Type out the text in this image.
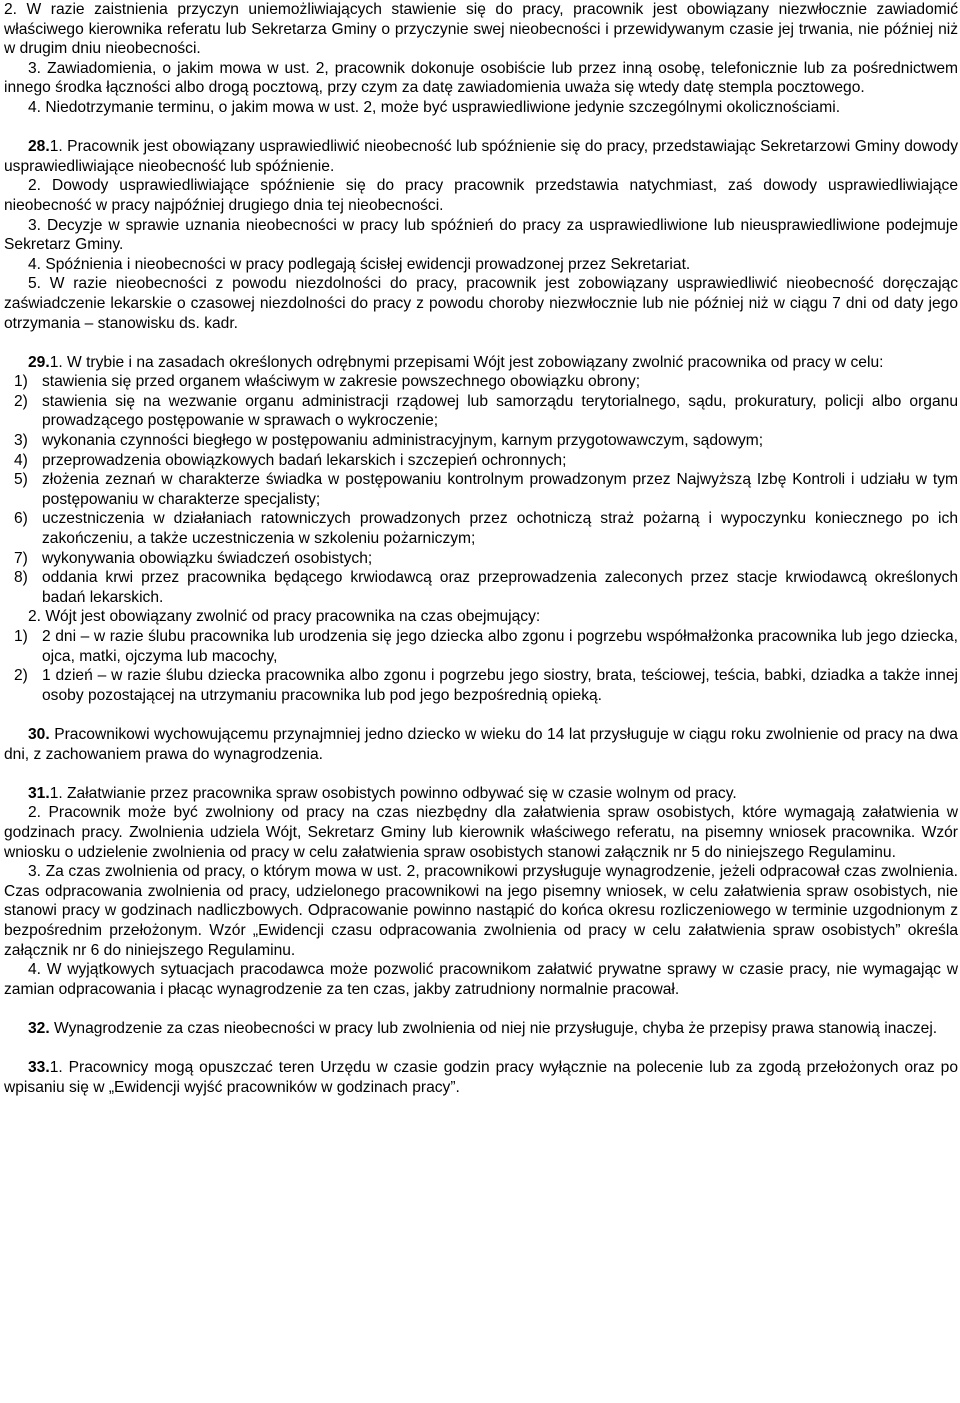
2. W razie zaistnienia przyczyn uniemożliwiających stawienie się do pracy, pracownik jest obowiązany niezwłocznie zawiadomić właściwego kierownika referatu lub Sekretarza Gminy o przyczynie swej nieobecności i przewidywanym czasie jej trwania, nie później niż w drugim dniu nieobecności.

3. Zawiadomienia, o jakim mowa w ust. 2, pracownik dokonuje osobiście lub przez inną osobę, telefonicznie lub za pośrednictwem innego środka łączności albo drogą pocztową, przy czym za datę zawiadomienia uważa się wtedy datę stempla pocztowego.

4. Niedotrzymanie terminu, o jakim mowa w ust. 2, może być usprawiedliwione jedynie szczególnymi okolicznościami.

28.1. Pracownik jest obowiązany usprawiedliwić nieobecność lub spóźnienie się do pracy, przedstawiając Sekretarzowi Gminy dowody usprawiedliwiające nieobecność lub spóźnienie.

2. Dowody usprawiedliwiające spóźnienie się do pracy pracownik przedstawia natychmiast, zaś dowody usprawiedliwiające nieobecność w pracy najpóźniej drugiego dnia tej nieobecności.

3. Decyzje w sprawie uznania nieobecności w pracy lub spóźnień do pracy za usprawiedliwione lub nieusprawiedliwione podejmuje Sekretarz Gminy.

4. Spóźnienia i nieobecności w pracy podlegają ścisłej ewidencji prowadzonej przez Sekretariat.

5. W razie nieobecności z powodu niezdolności do pracy, pracownik jest zobowiązany usprawiedliwić nieobecność doręczając zaświadczenie lekarskie o czasowej niezdolności do pracy z powodu choroby niezwłocznie lub nie później niż w ciągu 7 dni od daty jego otrzymania – stanowisku ds. kadr.

29.1. W trybie i na zasadach określonych odrębnymi przepisami Wójt jest zobowiązany zwolnić pracownika od pracy w celu:

1) stawienia się przed organem właściwym w zakresie powszechnego obowiązku obrony;
2) stawienia się na wezwanie organu administracji rządowej lub samorządu terytorialnego, sądu, prokuratury, policji albo organu prowadzącego postępowanie w sprawach o wykroczenie;
3) wykonania czynności biegłego w postępowaniu administracyjnym, karnym przygotowawczym, sądowym;
4) przeprowadzenia obowiązkowych badań lekarskich i szczepień ochronnych;
5) złożenia zeznań w charakterze świadka w postępowaniu kontrolnym prowadzonym przez Najwyższą Izbę Kontroli i udziału w tym postępowaniu w charakterze specjalisty;
6) uczestniczenia w działaniach ratowniczych prowadzonych przez ochotniczą straż pożarną i wypoczynku koniecznego po ich zakończeniu, a także uczestniczenia w szkoleniu pożarniczym;
7) wykonywania obowiązku świadczeń osobistych;
8) oddania krwi przez pracownika będącego krwiodawcą oraz przeprowadzenia zaleconych przez stacje krwiodawcą określonych badań lekarskich.

2. Wójt jest obowiązany zwolnić od pracy pracownika na czas obejmujący:

1) 2 dni – w razie ślubu pracownika lub urodzenia się jego dziecka albo zgonu i pogrzebu współmałżonka pracownika lub jego dziecka, ojca, matki, ojczyma lub macochy,
2) 1 dzień – w razie ślubu dziecka pracownika albo zgonu i pogrzebu jego siostry, brata, teściowej, teścia, babki, dziadka a także innej osoby pozostającej na utrzymaniu pracownika lub pod jego bezpośrednią opieką.

30. Pracownikowi wychowującemu przynajmniej jedno dziecko w wieku do 14 lat przysługuje w ciągu roku zwolnienie od pracy na dwa dni, z zachowaniem prawa do wynagrodzenia.

31.1. Załatwianie przez pracownika spraw osobistych powinno odbywać się w czasie wolnym od pracy.

2. Pracownik może być zwolniony od pracy na czas niezbędny dla załatwienia spraw osobistych, które wymagają załatwienia w godzinach pracy. Zwolnienia udziela Wójt, Sekretarz Gminy lub kierownik właściwego referatu, na pisemny wniosek pracownika. Wzór wniosku o udzielenie zwolnienia od pracy w celu załatwienia spraw osobistych stanowi załącznik nr 5 do niniejszego Regulaminu.

3. Za czas zwolnienia od pracy, o którym mowa w ust. 2, pracownikowi przysługuje wynagrodzenie, jeżeli odpracował czas zwolnienia. Czas odpracowania zwolnienia od pracy, udzielonego pracownikowi na jego pisemny wniosek, w celu załatwienia spraw osobistych, nie stanowi pracy w godzinach nadliczbowych. Odpracowanie powinno nastąpić do końca okresu rozliczeniowego w terminie uzgodnionym z bezpośrednim przełożonym. Wzór „Ewidencji czasu odpracowania zwolnienia od pracy w celu załatwienia spraw osobistych” określa załącznik nr 6 do niniejszego Regulaminu.

4. W wyjątkowych sytuacjach pracodawca może pozwolić pracownikom załatwić prywatne sprawy w czasie pracy, nie wymagając w zamian odpracowania i płacąc wynagrodzenie za ten czas, jakby zatrudniony normalnie pracował.

32. Wynagrodzenie za czas nieobecności w pracy lub zwolnienia od niej nie przysługuje, chyba że przepisy prawa stanowią inaczej.

33.1. Pracownicy mogą opuszczać teren Urzędu w czasie godzin pracy wyłącznie na polecenie lub za zgodą przełożonych oraz po wpisaniu się w „Ewidencji wyjść pracowników w godzinach pracy”.
